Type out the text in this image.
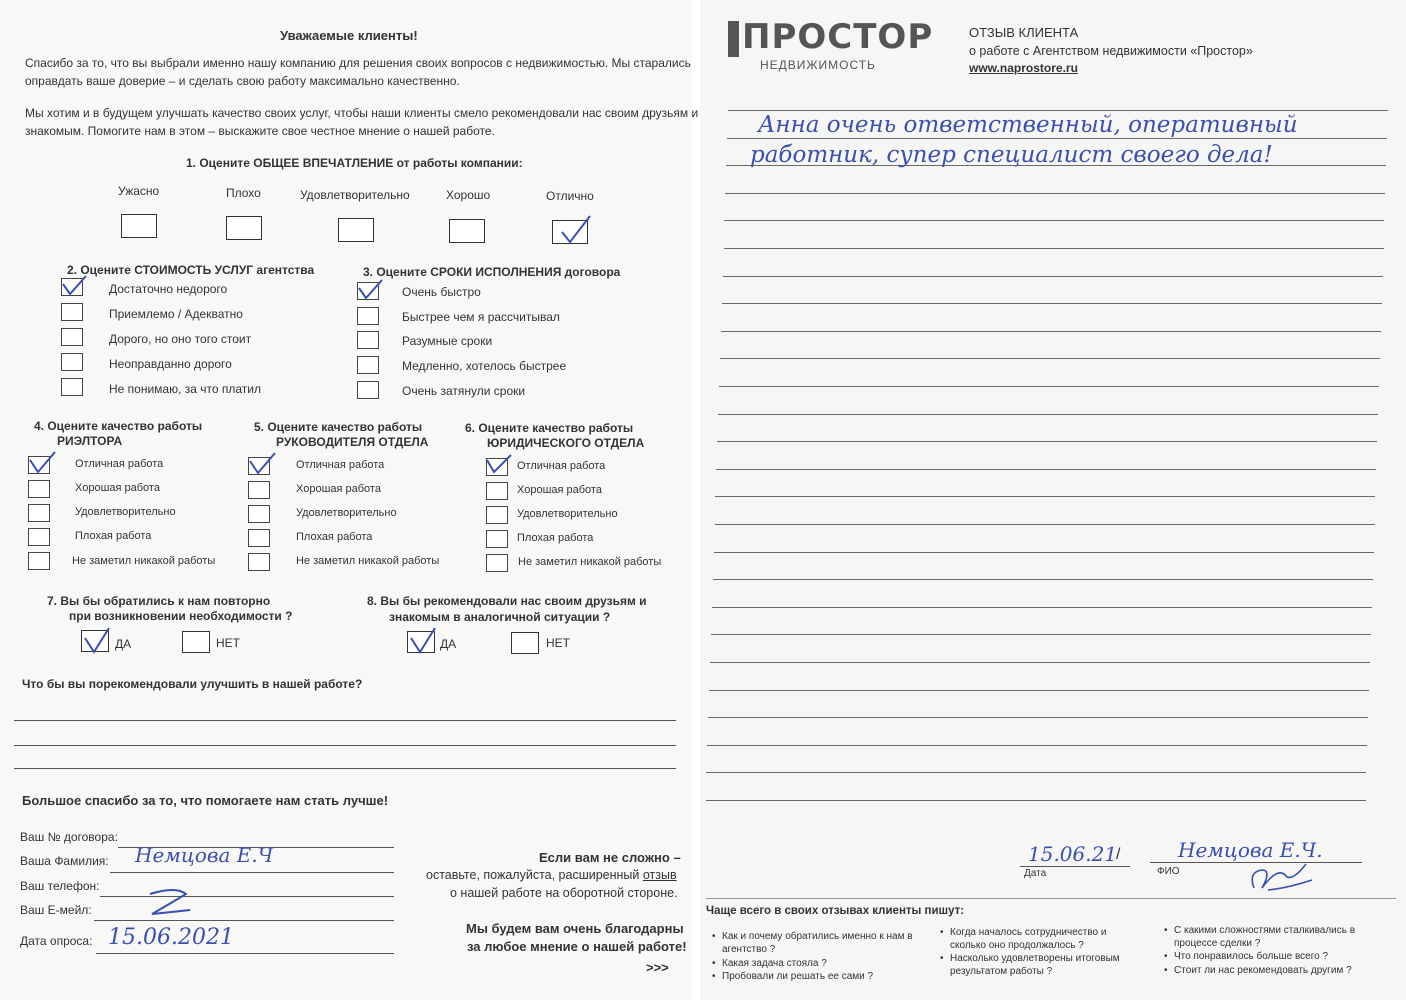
Уважаемые клиенты!
Спасибо за то, что вы выбрали именно нашу компанию для решения своих вопросов с недвижимостью. Мы старались
оправдать ваше доверие – и сделать свою работу максимально качественно.
Мы хотим и в будущем улучшать качество своих услуг, чтобы наши клиенты смело рекомендовали нас своим друзьям и
знакомым. Помогите нам в этом – выскажите свое честное мнение о нашей работе.
1. Оцените ОБЩЕЕ ВПЕЧАТЛЕНИЕ от работы компании:
Ужасно	Плохо	Удовлетворительно	Хорошо	Отлично
2. Оцените СТОИМОСТЬ УСЛУГ агентства
Достаточно недорого
Приемлемо / Адекватно
Дорого, но оно того стоит
Неоправданно дорого
Не понимаю, за что платил
3. Оцените СРОКИ ИСПОЛНЕНИЯ договора
Очень быстро
Быстрее чем я рассчитывал
Разумные сроки
Медленно, хотелось быстрее
Очень затянули сроки
4. Оцените качество работы
РИЭЛТОРА
5. Оцените качество работы
РУКОВОДИТЕЛЯ ОТДЕЛА
6. Оцените качество работы
ЮРИДИЧЕСКОГО ОТДЕЛА
Отличная работа
Хорошая работа
Удовлетворительно
Плохая работа
Не заметил никакой работы
Отличная работа
Хорошая работа
Удовлетворительно
Плохая работа
Не заметил никакой работы
Отличная работа
Хорошая работа
Удовлетворительно
Плохая работа
Не заметил никакой работы
7. Вы бы обратились к нам повторно
при возникновении необходимости ?
ДА	НЕТ
8. Вы бы рекомендовали нас своим друзьям и
знакомым в аналогичной ситуации ?
ДА	НЕТ
Что бы вы порекомендовали улучшить в нашей работе?
Большое спасибо за то, что помогаете нам стать лучше!
Ваш № договора:
Ваша Фамилия: Немцова Е.Ч
Ваш телефон:
Ваш Е-мейл:
Дата опроса: 15.06.2021
Если вам не сложно –
оставьте, пожалуйста, расширенный отзыв
о нашей работе на оборотной стороне.
Мы будем вам очень благодарны
за любое мнение о нашей работе!
>>>
ПРОСТОР
НЕДВИЖИМОСТЬ
ОТЗЫВ КЛИЕНТА
о работе с Агентством недвижимости «Простор»
www.naprostore.ru
Анна очень ответственный, оперативный
работник, супер специалист своего дела!
15.06.21
/	Немцова Е.Ч.
Дата	ФИО
Чаще всего в своих отзывах клиенты пишут:
• Как и почему обратились именно к нам в агентство ?
• Какая задача стояла ?
• Пробовали ли решать ее сами ?
• Когда началось сотрудничество и сколько оно продолжалось ?
• Насколько удовлетворены итоговым результатом работы ?
• С какими сложностями сталкивались в процессе сделки ?
• Что понравилось больше всего ?
• Стоит ли нас рекомендовать другим ?
